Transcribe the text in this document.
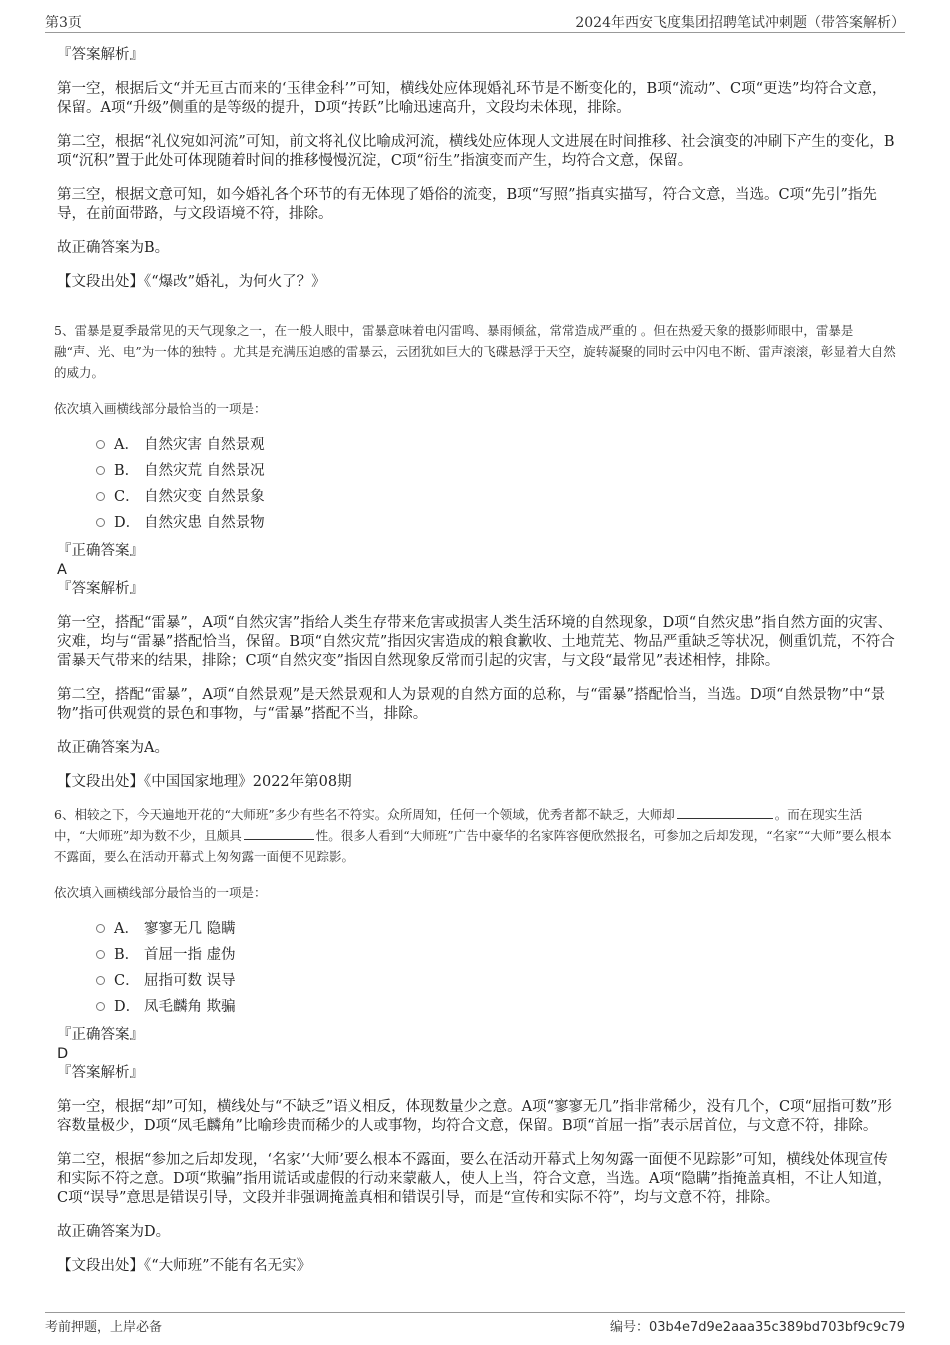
第3页	2024年西安飞度集团招聘笔试冲刺题（带答案解析）
『答案解析』

第一空，根据后文“并无亘古而来的‘玉律金科’”可知，横线处应体现婚礼环节是不断变化的，B项“流动”、C项“更迭”均符合文意，保留。A项“升级”侧重的是等级的提升，D项“抟跃”比喻迅速高升，文段均未体现，排除。

第二空，根据“礼仪宛如河流”可知，前文将礼仪比喻成河流，横线处应体现人文进展在时间推移、社会演变的冲刷下产生的变化，B项“沉积”置于此处可体现随着时间的推移慢慢沉淀，C项“衍生”指演变而产生，均符合文意，保留。

第三空，根据文意可知，如今婚礼各个环节的有无体现了婚俗的流变，B项“写照”指真实描写，符合文意，当选。C项“先引”指先导，在前面带路，与文段语境不符，排除。

故正确答案为B。

【文段出处】《“爆改”婚礼，为何火了？》

5、雷暴是夏季最常见的天气现象之一，在一般人眼中，雷暴意味着电闪雷鸣、暴雨倾盆，常常造成严重的 。但在热爱天象的摄影师眼中，雷暴是融“声、光、电”为一体的独特 。尤其是充满压迫感的雷暴云，云团犹如巨大的飞碟悬浮于天空，旋转凝聚的同时云中闪电不断、雷声滚滚，彰显着大自然的威力。

依次填入画横线部分最恰当的一项是：

A． 自然灾害 自然景观
B． 自然灾荒 自然景况
C． 自然灾变 自然景象
D． 自然灾患 自然景物
『正确答案』
A
『答案解析』

第一空，搭配“雷暴”，A项“自然灾害”指给人类生存带来危害或损害人类生活环境的自然现象，D项“自然灾患”指自然方面的灾害、灾难，均与“雷暴”搭配恰当，保留。B项“自然灾荒”指因灾害造成的粮食歉收、土地荒芜、物品严重缺乏等状况，侧重饥荒，不符合雷暴天气带来的结果，排除；C项“自然灾变”指因自然现象反常而引起的灾害，与文段“最常见”表述相悖，排除。

第二空，搭配“雷暴”，A项“自然景观”是天然景观和人为景观的自然方面的总称，与“雷暴”搭配恰当，当选。D项“自然景物”中“景物”指可供观赏的景色和事物，与“雷暴”搭配不当，排除。

故正确答案为A。

【文段出处】《中国国家地理》2022年第08期

6、相较之下，今天遍地开花的“大师班”多少有些名不符实。众所周知，任何一个领域，优秀者都不缺乏，大师却	。而在现实生活中，“大师班”却为数不少，且颇具	性。很多人看到“大师班”广告中豪华的名家阵容便欣然报名，可参加之后却发现，“名家”“大师”要么根本不露面，要么在活动开幕式上匆匆露一面便不见踪影。

依次填入画横线部分最恰当的一项是：

A． 寥寥无几 隐瞒
B． 首屈一指 虚伪
C． 屈指可数 误导
D． 凤毛麟角 欺骗
『正确答案』
D
『答案解析』

第一空，根据“却”可知，横线处与“不缺乏”语义相反，体现数量少之意。A项“寥寥无几”指非常稀少，没有几个，C项“屈指可数”形容数量极少，D项“凤毛麟角”比喻珍贵而稀少的人或事物，均符合文意，保留。B项“首屈一指”表示居首位，与文意不符，排除。

第二空，根据“参加之后却发现，‘名家’‘大师’要么根本不露面，要么在活动开幕式上匆匆露一面便不见踪影”可知，横线处体现宣传和实际不符之意。D项“欺骗”指用谎话或虚假的行动来蒙蔽人，使人上当，符合文意，当选。A项“隐瞒”指掩盖真相，不让人知道，C项“误导”意思是错误引导，文段并非强调掩盖真相和错误引导，而是“宣传和实际不符”，均与文意不符，排除。

故正确答案为D。

【文段出处】《“大师班”不能有名无实》

考前押题，上岸必备	编号：03b4e7d9e2aaa35c389bd703bf9c9c79
